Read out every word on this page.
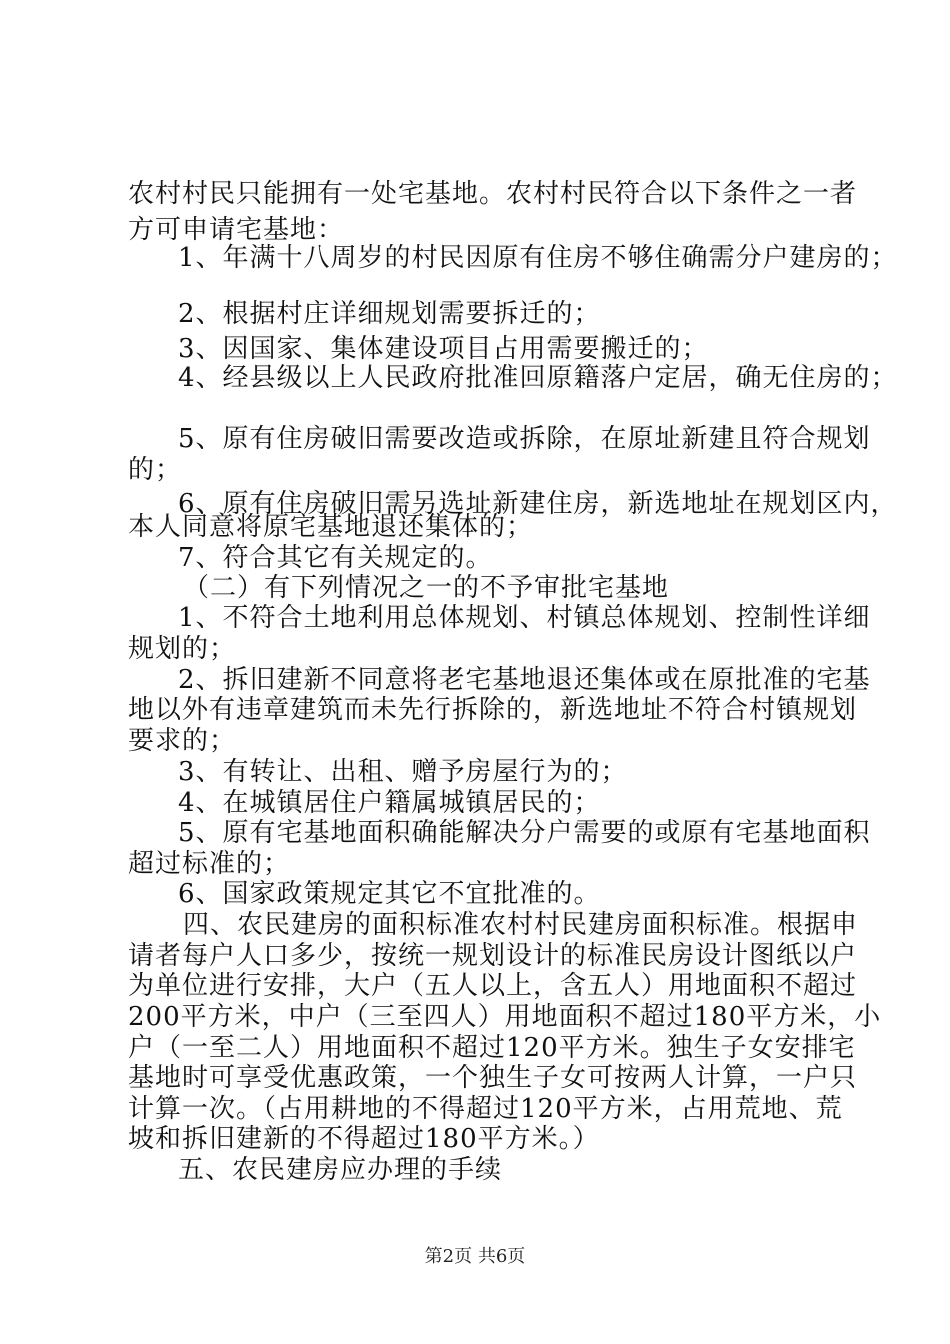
农村村民只能拥有一处宅基地。农村村民符合以下条件之一者
方可申请宅基地：
1、年满十八周岁的村民因原有住房不够住确需分户建房的；
2、根据村庄详细规划需要拆迁的；
3、因国家、集体建设项目占用需要搬迁的；
4、经县级以上人民政府批准回原籍落户定居，确无住房的；
5、原有住房破旧需要改造或拆除，在原址新建且符合规划
的；
6、原有住房破旧需另选址新建住房，新选地址在规划区内，
本人同意将原宅基地退还集体的；
7、符合其它有关规定的。
（二）有下列情况之一的不予审批宅基地
1、不符合土地利用总体规划、村镇总体规划、控制性详细
规划的；
2、拆旧建新不同意将老宅基地退还集体或在原批准的宅基
地以外有违章建筑而未先行拆除的，新选地址不符合村镇规划
要求的；
3、有转让、出租、赠予房屋行为的；
4、在城镇居住户籍属城镇居民的；
5、原有宅基地面积确能解决分户需要的或原有宅基地面积
超过标准的；
6、国家政策规定其它不宜批准的。
四、农民建房的面积标准农村村民建房面积标准。根据申
请者每户人口多少，按统一规划设计的标准民房设计图纸以户
为单位进行安排，大户（五人以上，含五人）用地面积不超过
200平方米，中户（三至四人）用地面积不超过180平方米，小
户（一至二人）用地面积不超过120平方米。独生子女安排宅
基地时可享受优惠政策，一个独生子女可按两人计算，一户只
计算一次。（占用耕地的不得超过120平方米，占用荒地、荒
坡和拆旧建新的不得超过180平方米。）
五、农民建房应办理的手续
第2页 共6页
